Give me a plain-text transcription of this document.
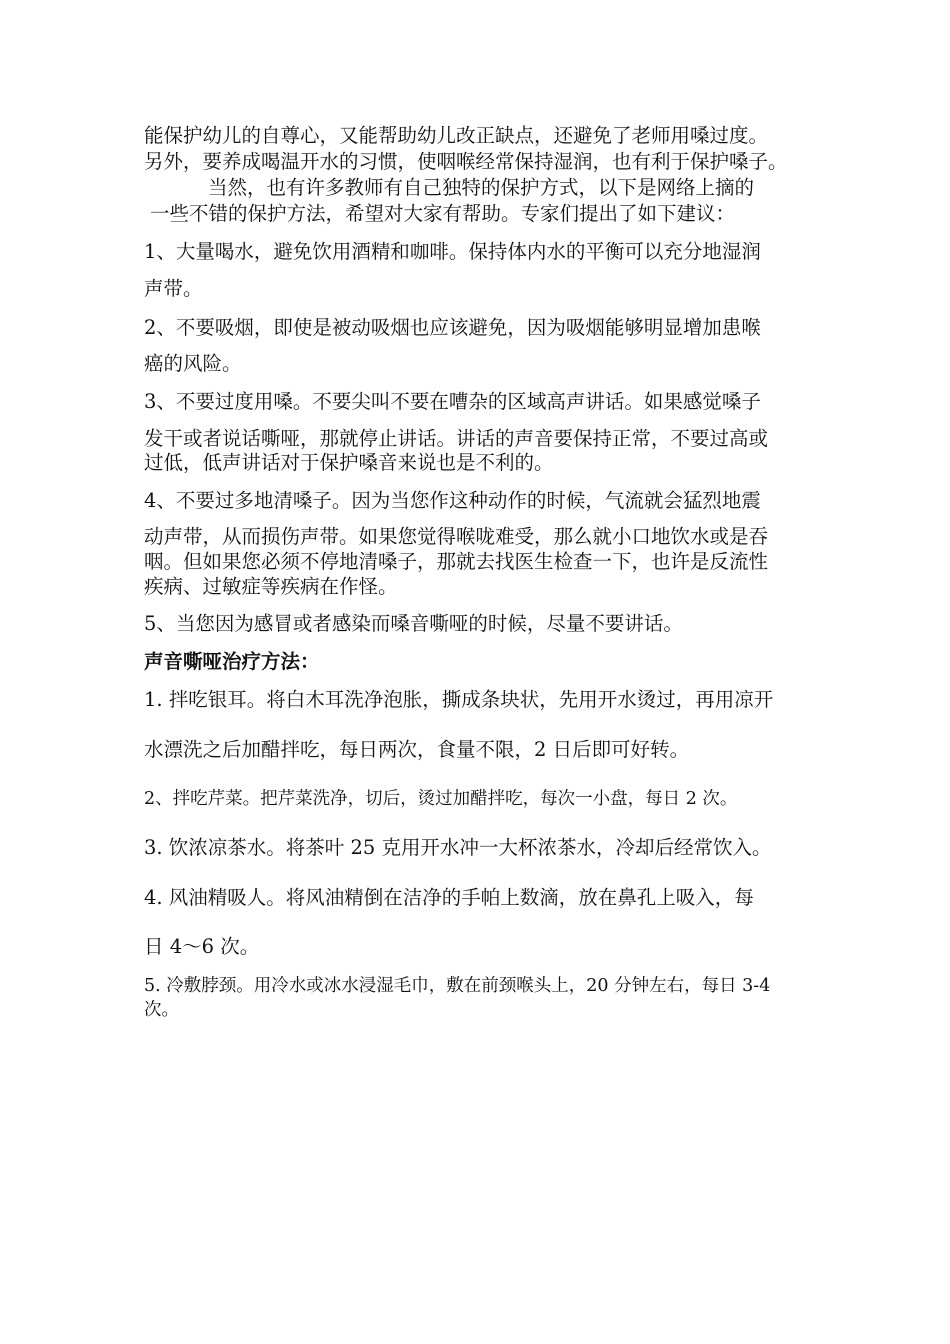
能保护幼儿的自尊心，又能帮助幼儿改正缺点，还避免了老师用嗓过度。
另外，要养成喝温开水的习惯，使咽喉经常保持湿润，也有利于保护嗓子。
当然，也有许多教师有自己独特的保护方式，以下是网络上摘的
一些不错的保护方法，希望对大家有帮助。专家们提出了如下建议：
1、大量喝水，避免饮用酒精和咖啡。保持体内水的平衡可以充分地湿润
声带。
2、不要吸烟，即使是被动吸烟也应该避免，因为吸烟能够明显增加患喉
癌的风险。
3、不要过度用嗓。不要尖叫不要在嘈杂的区域高声讲话。如果感觉嗓子
发干或者说话嘶哑，那就停止讲话。讲话的声音要保持正常，不要过高或
过低，低声讲话对于保护嗓音来说也是不利的。
4、不要过多地清嗓子。因为当您作这种动作的时候，气流就会猛烈地震
动声带，从而损伤声带。如果您觉得喉咙难受，那么就小口地饮水或是吞
咽。但如果您必须不停地清嗓子，那就去找医生检查一下，也许是反流性
疾病、过敏症等疾病在作怪。
5、当您因为感冒或者感染而嗓音嘶哑的时候，尽量不要讲话。
声音嘶哑治疗方法：
1. 拌吃银耳。将白木耳洗净泡胀，撕成条块状，先用开水烫过，再用凉开
水漂洗之后加醋拌吃，每日两次，食量不限，2 日后即可好转。
2、拌吃芹菜。把芹菜洗净，切后，烫过加醋拌吃，每次一小盘，每日 2 次。
3. 饮浓凉茶水。将茶叶 25 克用开水冲一大杯浓茶水，冷却后经常饮入。
4. 风油精吸人。将风油精倒在洁净的手帕上数滴，放在鼻孔上吸入，每
日 4～6 次。
5. 冷敷脖颈。用冷水或冰水浸湿毛巾，敷在前颈喉头上，20 分钟左右，每日 3-4
次。
